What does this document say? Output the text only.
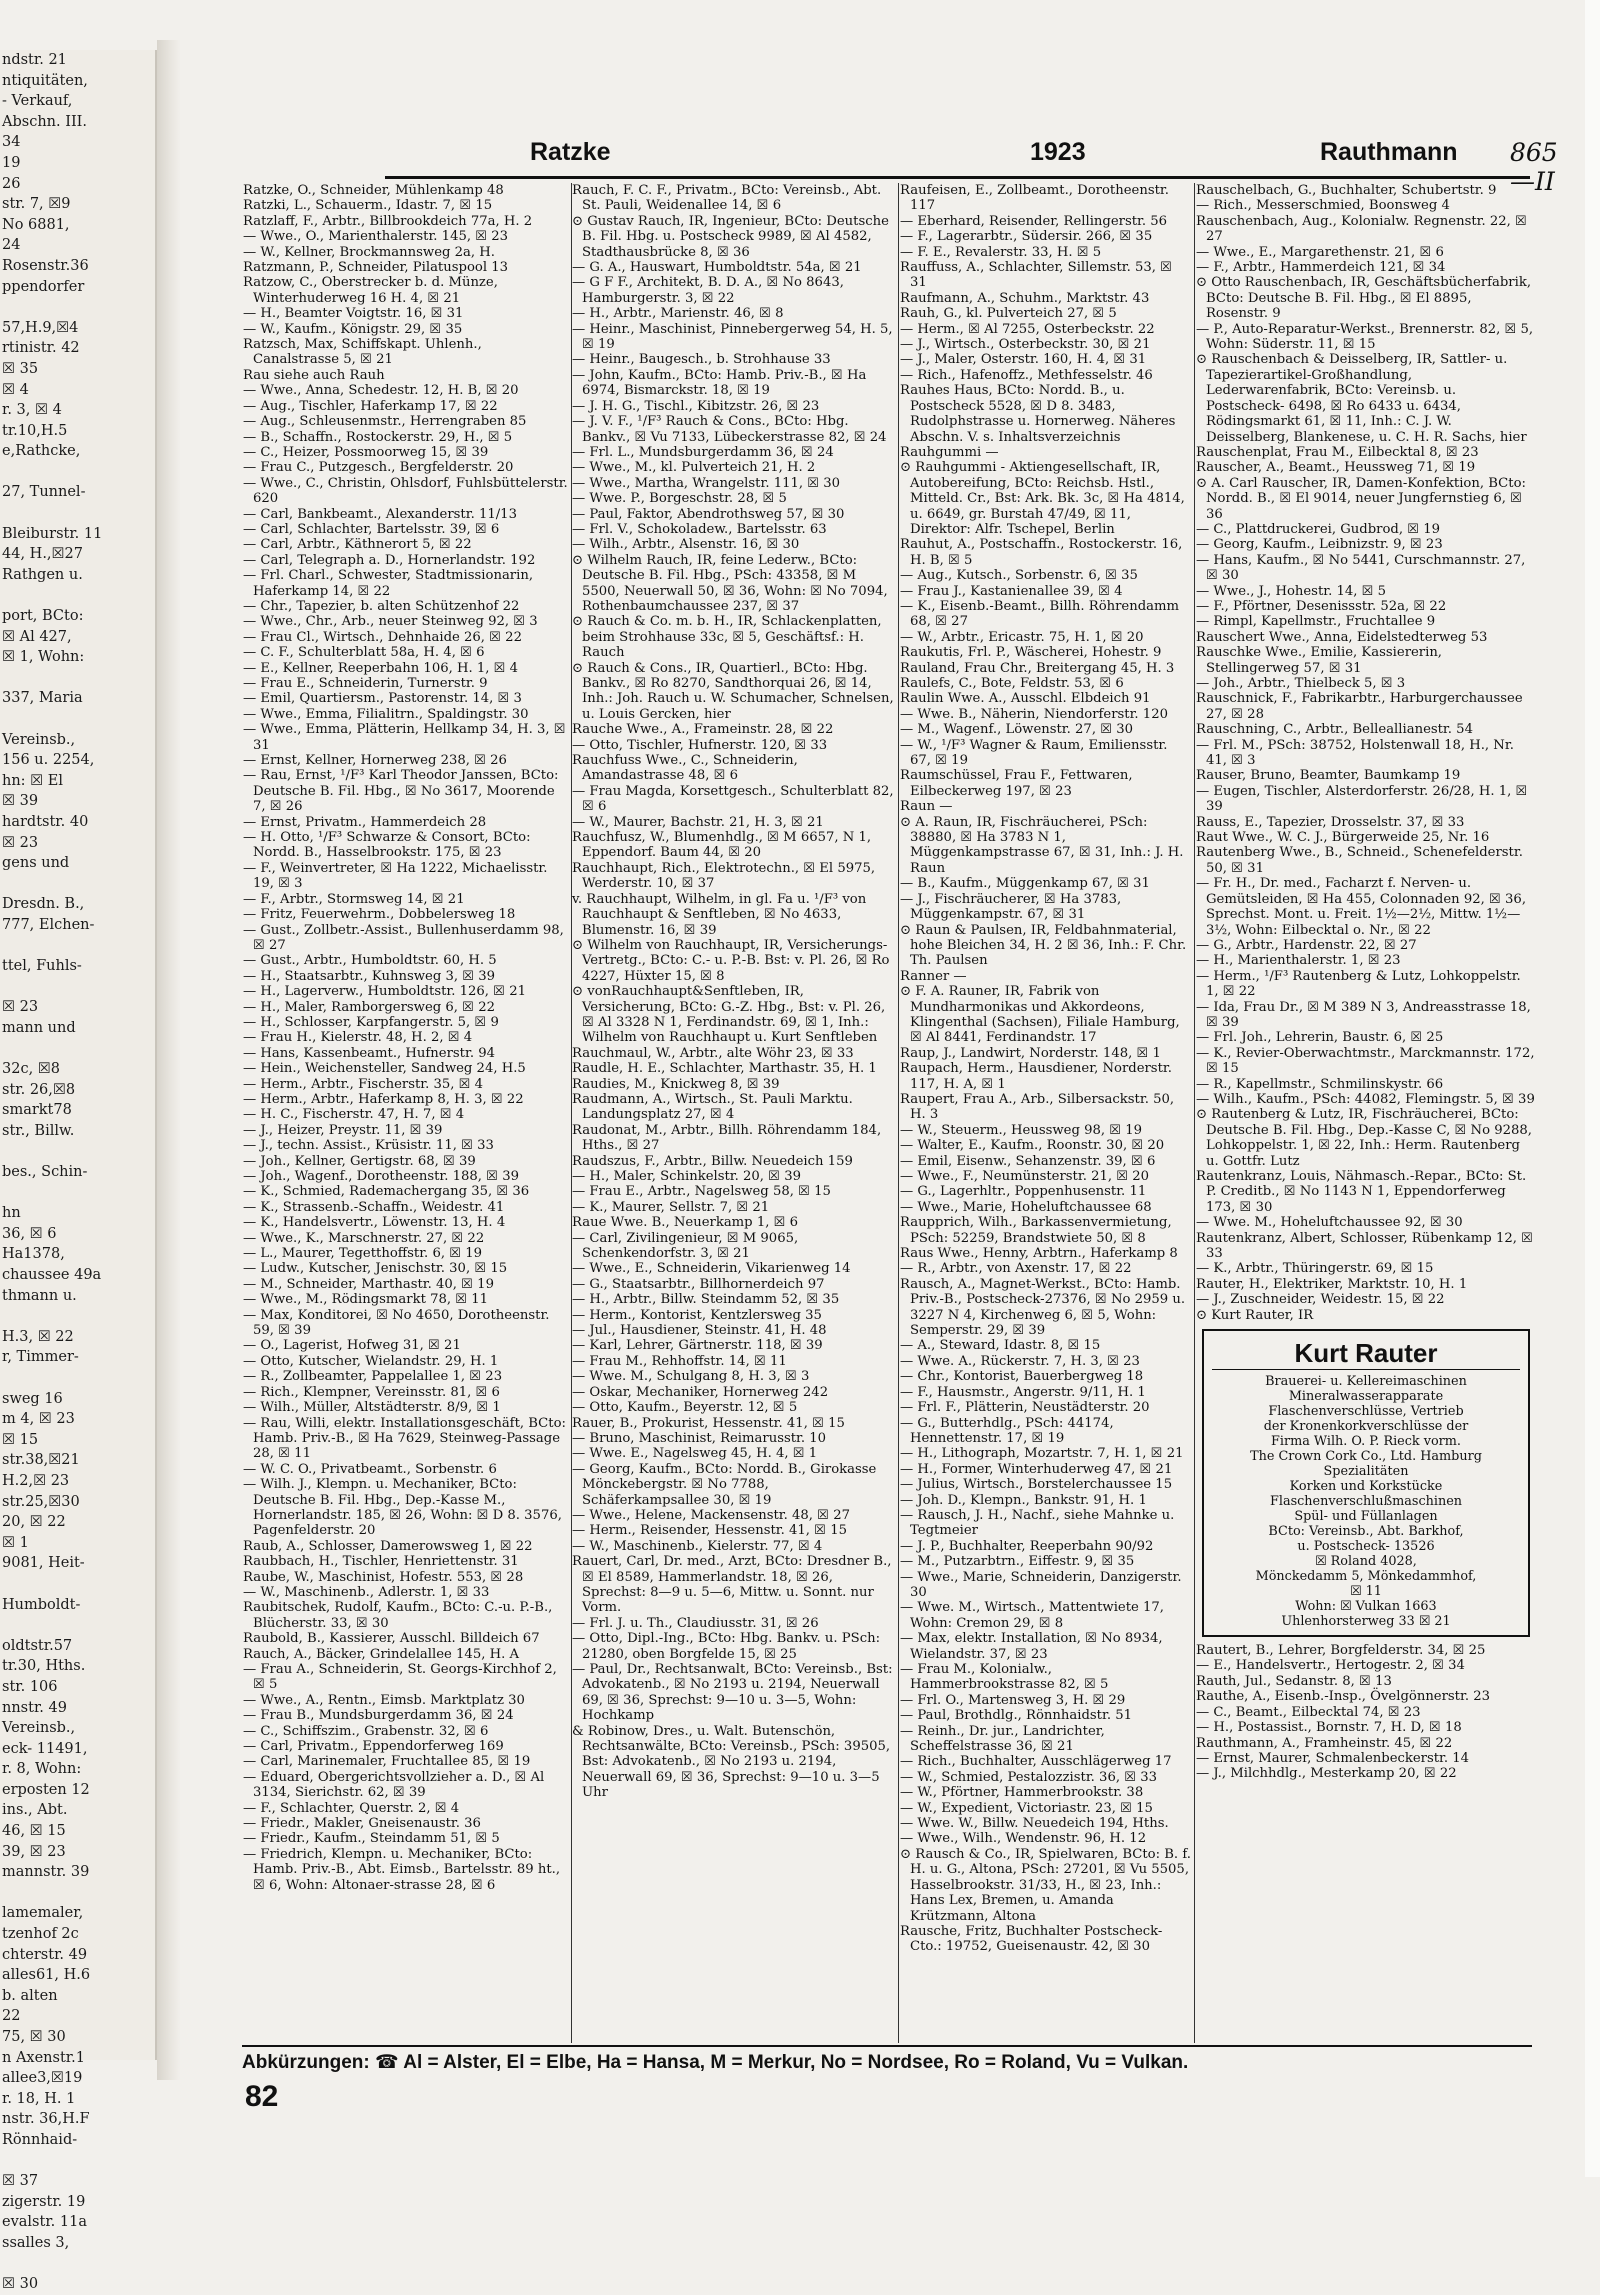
ndstr. 21
ntiquitäten,
- Verkauf,
Abschn. III.
34
19
26
str. 7, ☒9
No 6881,
24
Rosenstr.36
ppendorfer
57,H.9,☒4
rtinistr. 42
☒ 35
☒ 4
r. 3, ☒ 4
tr.10,H.5
e,Rathcke,
27, Tunnel-
Bleiburstr. 11
44, H.,☒27
Rathgen u.
port, BCto:
☒ Al 427,
☒ 1, Wohn:
337, Maria
Vereinsb.,
156 u. 2254,
hn: ☒ El
☒ 39
hardtstr. 40
☒ 23
gens und
Dresdn. B.,
777, Elchen-
ttel, Fuhls-
☒ 23
mann und
32c, ☒8
str. 26,☒8
smarkt78
str., Billw.
bes., Schin-
hn
36, ☒ 6
Ha1378,
chaussee 49a
thmann u.
H.3, ☒ 22
r, Timmer-
sweg 16
m 4, ☒ 23
☒ 15
str.38,☒21
H.2,☒ 23
str.25,☒30
20, ☒ 22
☒ 1
9081, Heit-
Humboldt-
oldtstr.57
tr.30, Hths.
str. 106
nnstr. 49
Vereinsb.,
eck- 11491,
r. 8, Wohn:
erposten 12
ins., Abt.
46, ☒ 15
39, ☒ 23
mannstr. 39
lamemaler,
tzenhof 2c
chterstr. 49
alles61, H.6
b. alten
22
75, ☒ 30
n Axenstr.1
allee3,☒19
r. 18, H. 1
nstr. 36,H.F
Rönnhaid-
☒ 37
zigerstr. 19
evalstr. 11a
ssalles 3,
☒ 30
Ratzke	1923	Rauthmann 865—II

Ratzke, O., Schneider, Mühlenkamp 48

Ratzki, L., Schauerm., Idastr. 7, ☒ 15

Ratzlaff, F., Arbtr., Billbrookdeich 77a, H. 2

— Wwe., O., Marienthalerstr. 145, ☒ 23

— W., Kellner, Brockmannsweg 2a, H.

Ratzmann, P., Schneider, Pilatuspool 13

Ratzow, C., Oberstrecker b. d. Münze, Winterhuderweg 16 H. 4, ☒ 21

— H., Beamter Voigtstr. 16, ☒ 31

— W., Kaufm., Königstr. 29, ☒ 35

Ratzsch, Max, Schiffskapt. Uhlenh., Canalstrasse 5, ☒ 21

Rau siehe auch Rauh

— Wwe., Anna, Schedestr. 12, H. B, ☒ 20

— Aug., Tischler, Haferkamp 17, ☒ 22

— Aug., Schleusenmstr., Herrengraben 85

— B., Schaffn., Rostockerstr. 29, H., ☒ 5

— C., Heizer, Possmoorweg 15, ☒ 39

— Frau C., Putzgesch., Bergfelderstr. 20

— Wwe., C., Christin, Ohlsdorf, Fuhlsbüttelerstr. 620

— Carl, Bankbeamt., Alexanderstr. 11/13

— Carl, Schlachter, Bartelsstr. 39, ☒ 6

— Carl, Arbtr., Käthnerort 5, ☒ 22

— Carl, Telegraph a. D., Hornerlandstr. 192

— Frl. Charl., Schwester, Stadtmissionarin, Haferkamp 14, ☒ 22

— Chr., Tapezier, b. alten Schützenhof 22

— Wwe., Chr., Arb., neuer Steinweg 92, ☒ 3

— Frau Cl., Wirtsch., Dehnhaide 26, ☒ 22

— C. F., Schulterblatt 58a, H. 4, ☒ 6

— E., Kellner, Reeperbahn 106, H. 1, ☒ 4

— Frau E., Schneiderin, Turnerstr. 9

— Emil, Quartiersm., Pastorenstr. 14, ☒ 3

— Wwe., Emma, Filialitrn., Spaldingstr. 30

— Wwe., Emma, Plätterin, Hellkamp 34, H. 3, ☒ 31

— Ernst, Kellner, Hornerweg 238, ☒ 26

— Rau, Ernst, ¹/F³ Karl Theodor Janssen, BCto: Deutsche B. Fil. Hbg., ☒ No 3617, Moorende 7, ☒ 26

— Ernst, Privatm., Hammerdeich 28

— H. Otto, ¹/F³ Schwarze & Consort, BCto: Nordd. B., Hasselbrookstr. 175, ☒ 23

— F., Weinvertreter, ☒ Ha 1222, Michaelisstr. 19, ☒ 3

— F., Arbtr., Stormsweg 14, ☒ 21

— Fritz, Feuerwehrm., Dobbelersweg 18

— Gust., Zollbetr.-Assist., Bullenhuserdamm 98, ☒ 27

— Gust., Arbtr., Humboldtstr. 60, H. 5

— H., Staatsarbtr., Kuhnsweg 3, ☒ 39

— H., Lagerverw., Humboldtstr. 126, ☒ 21

— H., Maler, Ramborgersweg 6, ☒ 22

— H., Schlosser, Karpfangerstr. 5, ☒ 9

— Frau H., Kielerstr. 48, H. 2, ☒ 4

— Hans, Kassenbeamt., Hufnerstr. 94

— Hein., Weichensteller, Sandweg 24, H.5

— Herm., Arbtr., Fischerstr. 35, ☒ 4

— Herm., Arbtr., Haferkamp 8, H. 3, ☒ 22

— H. C., Fischerstr. 47, H. 7, ☒ 4

— J., Heizer, Preystr. 11, ☒ 39

— J., techn. Assist., Krüsistr. 11, ☒ 33

— Joh., Kellner, Gertigstr. 68, ☒ 39

— Joh., Wagenf., Dorotheenstr. 188, ☒ 39

— K., Schmied, Rademachergang 35, ☒ 36

— K., Strassenb.-Schaffn., Weidestr. 41

— K., Handelsvertr., Löwenstr. 13, H. 4

— Wwe., K., Marschnerstr. 27, ☒ 22

— L., Maurer, Tegetthoffstr. 6, ☒ 19

— Ludw., Kutscher, Jenischstr. 30, ☒ 15

— M., Schneider, Marthastr. 40, ☒ 19

— Wwe., M., Rödingsmarkt 78, ☒ 11

— Max, Konditorei, ☒ No 4650, Dorotheenstr. 59, ☒ 39

— O., Lagerist, Hofweg 31, ☒ 21

— Otto, Kutscher, Wielandstr. 29, H. 1

— R., Zollbeamter, Pappelallee 1, ☒ 23

— Rich., Klempner, Vereinsstr. 81, ☒ 6

— Wilh., Müller, Altstädterstr. 8/9, ☒ 1

— Rau, Willi, elektr. Installationsgeschäft, BCto: Hamb. Priv.-B., ☒ Ha 7629, Steinweg-Passage 28, ☒ 11

— W. C. O., Privatbeamt., Sorbenstr. 6

— Wilh. J., Klempn. u. Mechaniker, BCto: Deutsche B. Fil. Hbg., Dep.-Kasse M., Hornerlandstr. 185, ☒ 26, Wohn: ☒ D 8. 3576, Pagenfelderstr. 20

Raub, A., Schlosser, Damerowsweg 1, ☒ 22

Raubbach, H., Tischler, Henriettenstr. 31

Raube, W., Maschinist, Hofestr. 553, ☒ 28

— W., Maschinenb., Adlerstr. 1, ☒ 33

Raubitschek, Rudolf, Kaufm., BCto: C.-u. P.-B., Blücherstr. 33, ☒ 30

Raubold, B., Kassierer, Ausschl. Billdeich 67

Rauch, A., Bäcker, Grindelallee 145, H. A

— Frau A., Schneiderin, St. Georgs-Kirchhof 2, ☒ 5

— Wwe., A., Rentn., Eimsb. Marktplatz 30

— Frau B., Mundsburgerdamm 36, ☒ 24

— C., Schiffszim., Grabenstr. 32, ☒ 6

— Carl, Privatm., Eppendorferweg 169

— Carl, Marinemaler, Fruchtallee 85, ☒ 19

— Eduard, Obergerichtsvollzieher a. D., ☒ Al 3134, Sierichstr. 62, ☒ 39

— F., Schlachter, Querstr. 2, ☒ 4

— Friedr., Makler, Gneisenaustr. 36

— Friedr., Kaufm., Steindamm 51, ☒ 5

— Friedrich, Klempn. u. Mechaniker, BCto: Hamb. Priv.-B., Abt. Eimsb., Bartelsstr. 89 ht., ☒ 6, Wohn: Altonaer-strasse 28, ☒ 6

Rauch, F. C. F., Privatm., BCto: Vereinsb., Abt. St. Pauli, Weidenallee 14, ☒ 6

⊙ Gustav Rauch, IR, Ingenieur, BCto: Deutsche B. Fil. Hbg. u. Postscheck 9989, ☒ Al 4582, Stadthausbrücke 8, ☒ 36

— G. A., Hauswart, Humboldtstr. 54a, ☒ 21

— G F F., Architekt, B. D. A., ☒ No 8643, Hamburgerstr. 3, ☒ 22

— H., Arbtr., Marienstr. 46, ☒ 8

— Heinr., Maschinist, Pinnebergerweg 54, H. 5, ☒ 19

— Heinr., Baugesch., b. Strohhause 33

— John, Kaufm., BCto: Hamb. Priv.-B., ☒ Ha 6974, Bismarckstr. 18, ☒ 19

— J. H. G., Tischl., Kibitzstr. 26, ☒ 23

— J. V. F., ¹/F³ Rauch & Cons., BCto: Hbg. Bankv., ☒ Vu 7133, Lübeckerstrasse 82, ☒ 24

— Frl. L., Mundsburgerdamm 36, ☒ 24

— Wwe., M., kl. Pulverteich 21, H. 2

— Wwe., Martha, Wrangelstr. 111, ☒ 30

— Wwe. P., Borgeschstr. 28, ☒ 5

— Paul, Faktor, Abendrothsweg 57, ☒ 30

— Frl. V., Schokoladew., Bartelsstr. 63

— Wilh., Arbtr., Alsenstr. 16, ☒ 30

⊙ Wilhelm Rauch, IR, feine Lederw., BCto: Deutsche B. Fil. Hbg., PSch: 43358, ☒ M 5500, Neuerwall 50, ☒ 36, Wohn: ☒ No 7094, Rothenbaumchaussee 237, ☒ 37

⊙ Rauch & Co. m. b. H., IR, Schlackenplatten, beim Strohhause 33c, ☒ 5, Geschäftsf.: H. Rauch

⊙ Rauch & Cons., IR, Quartierl., BCto: Hbg. Bankv., ☒ Ro 8270, Sandthorquai 26, ☒ 14, Inh.: Joh. Rauch u. W. Schumacher, Schnelsen, u. Louis Gercken, hier

Rauche Wwe., A., Frameinstr. 28, ☒ 22

— Otto, Tischler, Hufnerstr. 120, ☒ 33

Rauchfuss Wwe., C., Schneiderin, Amandastrasse 48, ☒ 6

— Frau Magda, Korsettgesch., Schulterblatt 82, ☒ 6

— W., Maurer, Bachstr. 21, H. 3, ☒ 21

Rauchfusz, W., Blumenhdlg., ☒ M 6657, N 1, Eppendorf. Baum 44, ☒ 20

Rauchhaupt, Rich., Elektrotechn., ☒ El 5975, Werderstr. 10, ☒ 37

v. Rauchhaupt, Wilhelm, in gl. Fa u. ¹/F³ von Rauchhaupt & Senftleben, ☒ No 4633, Blumenstr. 16, ☒ 39

⊙ Wilhelm von Rauchhaupt, IR, Versicherungs-Vertretg., BCto: C.- u. P.-B. Bst: v. Pl. 26, ☒ Ro 4227, Hüxter 15, ☒ 8

⊙ vonRauchhaupt&Senftleben, IR, Versicherung, BCto: G.-Z. Hbg., Bst: v. Pl. 26, ☒ Al 3328 N 1, Ferdinandstr. 69, ☒ 1, Inh.: Wilhelm von Rauchhaupt u. Kurt Senftleben

Rauchmaul, W., Arbtr., alte Wöhr 23, ☒ 33

Raudle, H. E., Schlachter, Marthastr. 35, H. 1

Raudies, M., Knickweg 8, ☒ 39

Raudmann, A., Wirtsch., St. Pauli Marktu. Landungsplatz 27, ☒ 4

Raudonat, M., Arbtr., Billh. Röhrendamm 184, Hths., ☒ 27

Raudszus, F., Arbtr., Billw. Neuedeich 159

— H., Maler, Schinkelstr. 20, ☒ 39

— Frau E., Arbtr., Nagelsweg 58, ☒ 15

— K., Maurer, Sellstr. 7, ☒ 21

Raue Wwe. B., Neuerkamp 1, ☒ 6

— Carl, Zivilingenieur, ☒ M 9065, Schenkendorfstr. 3, ☒ 21

— Wwe., E., Schneiderin, Vikarienweg 14

— G., Staatsarbtr., Billhornerdeich 97

— H., Arbtr., Billw. Steindamm 52, ☒ 35

— Herm., Kontorist, Kentzlersweg 35

— Jul., Hausdiener, Steinstr. 41, H. 48

— Karl, Lehrer, Gärtnerstr. 118, ☒ 39

— Frau M., Rehhoffstr. 14, ☒ 11

— Wwe. M., Schulgang 8, H. 3, ☒ 3

— Oskar, Mechaniker, Hornerweg 242

— Otto, Kaufm., Beyerstr. 12, ☒ 5

Rauer, B., Prokurist, Hessenstr. 41, ☒ 15

— Bruno, Maschinist, Reimarusstr. 10

— Wwe. E., Nagelsweg 45, H. 4, ☒ 1

— Georg, Kaufm., BCto: Nordd. B., Girokasse Mönckebergstr. ☒ No 7788, Schäferkampsallee 30, ☒ 19

— Wwe., Helene, Mackensenstr. 48, ☒ 27

— Herm., Reisender, Hessenstr. 41, ☒ 15

— W., Maschinenb., Kielerstr. 77, ☒ 4

Rauert, Carl, Dr. med., Arzt, BCto: Dresdner B., ☒ El 8589, Hammerlandstr. 18, ☒ 26, Sprechst: 8—9 u. 5—6, Mittw. u. Sonnt. nur Vorm.

— Frl. J. u. Th., Claudiusstr. 31, ☒ 26

— Otto, Dipl.-Ing., BCto: Hbg. Bankv. u. PSch: 21280, oben Borgfelde 15, ☒ 25

— Paul, Dr., Rechtsanwalt, BCto: Vereinsb., Bst: Advokatenb., ☒ No 2193 u. 2194, Neuerwall 69, ☒ 36, Sprechst: 9—10 u. 3—5, Wohn: Hochkamp

& Robinow, Dres., u. Walt. Butenschön, Rechtsanwälte, BCto: Vereinsb., PSch: 39505, Bst: Advokatenb., ☒ No 2193 u. 2194, Neuerwall 69, ☒ 36, Sprechst: 9—10 u. 3—5 Uhr

Raufeisen, E., Zollbeamt., Dorotheenstr. 117

— Eberhard, Reisender, Rellingerstr. 56

— F., Lagerarbtr., Südersir. 266, ☒ 35

— F. E., Revalerstr. 33, H. ☒ 5

Rauffuss, A., Schlachter, Sillemstr. 53, ☒ 31

Raufmann, A., Schuhm., Marktstr. 43

Rauh, G., kl. Pulverteich 27, ☒ 5

— Herm., ☒ Al 7255, Osterbeckstr. 22

— J., Wirtsch., Osterbeckstr. 30, ☒ 21

— J., Maler, Osterstr. 160, H. 4, ☒ 31

— Rich., Hafenoffz., Methfesselstr. 46

Rauhes Haus, BCto: Nordd. B., u. Postscheck 5528, ☒ D 8. 3483, Rudolphstrasse u. Hornerweg. Näheres Abschn. V. s. Inhaltsverzeichnis

Rauhgummi —

⊙ Rauhgummi - Aktiengesellschaft, IR, Autobereifung, BCto: Reichsb. Hstl., Mitteld. Cr., Bst: Ark. Bk. 3c, ☒ Ha 4814, u. 6649, gr. Burstah 47/49, ☒ 11, Direktor: Alfr. Tschepel, Berlin

Rauhut, A., Postschaffn., Rostockerstr. 16, H. B, ☒ 5

— Aug., Kutsch., Sorbenstr. 6, ☒ 35

— Frau J., Kastanienallee 39, ☒ 4

— K., Eisenb.-Beamt., Billh. Röhrendamm 68, ☒ 27

— W., Arbtr., Ericastr. 75, H. 1, ☒ 20

Raukutis, Frl. P., Wäscherei, Hohestr. 9

Rauland, Frau Chr., Breitergang 45, H. 3

Raulefs, C., Bote, Feldstr. 53, ☒ 6

Raulin Wwe. A., Ausschl. Elbdeich 91

— Wwe. B., Näherin, Niendorferstr. 120

— M., Wagenf., Löwenstr. 27, ☒ 30

— W., ¹/F³ Wagner & Raum, Emiliensstr. 67, ☒ 19

Raumschüssel, Frau F., Fettwaren, Eilbeckerweg 197, ☒ 23

Raun —

⊙ A. Raun, IR, Fischräucherei, PSch: 38880, ☒ Ha 3783 N 1, Müggenkampstrasse 67, ☒ 31, Inh.: J. H. Raun

— B., Kaufm., Müggenkamp 67, ☒ 31

— J., Fischräucherer, ☒ Ha 3783, Müggenkampstr. 67, ☒ 31

⊙ Raun & Paulsen, IR, Feldbahnmaterial, hohe Bleichen 34, H. 2 ☒ 36, Inh.: F. Chr. Th. Paulsen

Ranner —

⊙ F. A. Rauner, IR, Fabrik von Mundharmonikas und Akkordeons, Klingenthal (Sachsen), Filiale Hamburg, ☒ Al 8441, Ferdinandstr. 17

Raup, J., Landwirt, Norderstr. 148, ☒ 1

Raupach, Herm., Hausdiener, Norderstr. 117, H. A, ☒ 1

Raupert, Frau A., Arb., Silbersackstr. 50, H. 3

— W., Steuerm., Heussweg 98, ☒ 19

— Walter, E., Kaufm., Roonstr. 30, ☒ 20

— Emil, Eisenw., Sehanzenstr. 39, ☒ 6

— Wwe., F., Neumünsterstr. 21, ☒ 20

— G., Lagerhltr., Poppenhusenstr. 11

— Wwe., Marie, Hoheluftchaussee 68

Raupprich, Wilh., Barkassenvermietung, PSch: 52259, Brandstwiete 50, ☒ 8

Raus Wwe., Henny, Arbtrn., Haferkamp 8

— R., Arbtr., von Axenstr. 17, ☒ 22

Rausch, A., Magnet-Werkst., BCto: Hamb. Priv.-B., Postscheck-27376, ☒ No 2959 u. 3227 N 4, Kirchenweg 6, ☒ 5, Wohn: Semperstr. 29, ☒ 39

— A., Steward, Idastr. 8, ☒ 15

— Wwe. A., Rückerstr. 7, H. 3, ☒ 23

— Chr., Kontorist, Bauerbergweg 18

— F., Hausmstr., Angerstr. 9/11, H. 1

— Frl. F., Plätterin, Neustädterstr. 20

— G., Butterhdlg., PSch: 44174, Hennettenstr. 17, ☒ 19

— H., Lithograph, Mozartstr. 7, H. 1, ☒ 21

— H., Former, Winterhuderweg 47, ☒ 21

— Julius, Wirtsch., Borstelerchaussee 15

— Joh. D., Klempn., Bankstr. 91, H. 1

— Rausch, J. H., Nachf., siehe Mahnke u. Tegtmeier

— J. P., Buchhalter, Reeperbahn 90/92

— M., Putzarbtrn., Eiffestr. 9, ☒ 35

— Wwe., Marie, Schneiderin, Danzigerstr. 30

— Wwe. M., Wirtsch., Mattentwiete 17, Wohn: Cremon 29, ☒ 8

— Max, elektr. Installation, ☒ No 8934, Wielandstr. 37, ☒ 23

— Frau M., Kolonialw., Hammerbrookstrasse 82, ☒ 5

— Frl. O., Martensweg 3, H. ☒ 29

— Paul, Brothdlg., Rönnhaidstr. 51

— Reinh., Dr. jur., Landrichter, Scheffelstrasse 36, ☒ 21

— Rich., Buchhalter, Ausschlägerweg 17

— W., Schmied, Pestalozzistr. 36, ☒ 33

— W., Pförtner, Hammerbrookstr. 38

— W., Expedient, Victoriastr. 23, ☒ 15

— Wwe. W., Billw. Neuedeich 194, Hths.

— Wwe., Wilh., Wendenstr. 96, H. 12

⊙ Rausch & Co., IR, Spielwaren, BCto: B. f. H. u. G., Altona, PSch: 27201, ☒ Vu 5505, Hasselbrookstr. 31/33, H., ☒ 23, Inh.: Hans Lex, Bremen, u. Amanda Krützmann, Altona

Rausche, Fritz, Buchhalter Postscheck-Cto.: 19752, Gueisenaustr. 42, ☒ 30

Rauschelbach, G., Buchhalter, Schubertstr. 9

— Rich., Messerschmied, Boonsweg 4

Rauschenbach, Aug., Kolonialw. Regnenstr. 22, ☒ 27

— Wwe., E., Margarethenstr. 21, ☒ 6

— F., Arbtr., Hammerdeich 121, ☒ 34

⊙ Otto Rauschenbach, IR, Geschäftsbücherfabrik, BCto: Deutsche B. Fil. Hbg., ☒ El 8895, Rosenstr. 9

— P., Auto-Reparatur-Werkst., Brennerstr. 82, ☒ 5, Wohn: Süderstr. 11, ☒ 15

⊙ Rauschenbach & Deisselberg, IR, Sattler- u. Tapezierartikel-Großhandlung, Lederwarenfabrik, BCto: Vereinsb. u. Postscheck- 6498, ☒ Ro 6433 u. 6434, Rödingsmarkt 61, ☒ 11, Inh.: C. J. W. Deisselberg, Blankenese, u. C. H. R. Sachs, hier

Rauschenplat, Frau M., Eilbecktal 8, ☒ 23

Rauscher, A., Beamt., Heussweg 71, ☒ 19

⊙ A. Carl Rauscher, IR, Damen-Konfektion, BCto: Nordd. B., ☒ El 9014, neuer Jungfernstieg 6, ☒ 36

— C., Plattdruckerei, Gudbrod, ☒ 19

— Georg, Kaufm., Leibnizstr. 9, ☒ 23

— Hans, Kaufm., ☒ No 5441, Curschmannstr. 27, ☒ 30

— Wwe., J., Hohestr. 14, ☒ 5

— F., Pförtner, Desenissstr. 52a, ☒ 22

— Rimpl, Kapellmstr., Fruchtallee 9

Rauschert Wwe., Anna, Eidelstedterweg 53

Rauschke Wwe., Emilie, Kassiererin, Stellingerweg 57, ☒ 31

— Joh., Arbtr., Thielbeck 5, ☒ 3

Rauschnick, F., Fabrikarbtr., Harburgerchaussee 27, ☒ 28

Rauschning, C., Arbtr., Belleallianestr. 54

— Frl. M., PSch: 38752, Holstenwall 18, H., Nr. 41, ☒ 3

Rauser, Bruno, Beamter, Baumkamp 19

— Eugen, Tischler, Alsterdorferstr. 26/28, H. 1, ☒ 39

Rauss, E., Tapezier, Drosselstr. 37, ☒ 33

Raut Wwe., W. C. J., Bürgerweide 25, Nr. 16

Rautenberg Wwe., B., Schneid., Schenefelderstr. 50, ☒ 31

— Fr. H., Dr. med., Facharzt f. Nerven- u. Gemütsleiden, ☒ Ha 455, Colonnaden 92, ☒ 36, Sprechst. Mont. u. Freit. 1½—2½, Mittw. 1½—3½, Wohn: Eilbecktal o. Nr., ☒ 22

— G., Arbtr., Hardenstr. 22, ☒ 27

— H., Marienthalerstr. 1, ☒ 23

— Herm., ¹/F³ Rautenberg & Lutz, Lohkoppelstr. 1, ☒ 22

— Ida, Frau Dr., ☒ M 389 N 3, Andreasstrasse 18, ☒ 39

— Frl. Joh., Lehrerin, Baustr. 6, ☒ 25

— K., Revier-Oberwachtmstr., Marckmannstr. 172, ☒ 15

— R., Kapellmstr., Schmilinskystr. 66

— Wilh., Kaufm., PSch: 44082, Flemingstr. 5, ☒ 39

⊙ Rautenberg & Lutz, IR, Fischräucherei, BCto: Deutsche B. Fil. Hbg., Dep.-Kasse C, ☒ No 9288, Lohkoppelstr. 1, ☒ 22, Inh.: Herm. Rautenberg u. Gottfr. Lutz

Rautenkranz, Louis, Nähmasch.-Repar., BCto: St. P. Creditb., ☒ No 1143 N 1, Eppendorferweg 173, ☒ 30

— Wwe. M., Hoheluftchaussee 92, ☒ 30

Rautenkranz, Albert, Schlosser, Rübenkamp 12, ☒ 33

— K., Arbtr., Thüringerstr. 69, ☒ 15

Rauter, H., Elektriker, Marktstr. 10, H. 1

— J., Zuschneider, Weidestr. 15, ☒ 22

⊙ Kurt Rauter, IR

Kurt Rauter
Brauerei- u. Kellereimaschinen
Mineralwasserapparate
Flaschenverschlüsse, Vertrieb
der Kronenkorkverschlüsse der
Firma Wilh. O. P. Rieck vorm.
The Crown Cork Co., Ltd. Hamburg
Spezialitäten
Korken und Korkstücke
Flaschenverschlußmaschinen
Spül- und Füllanlagen
BCto: Vereinsb., Abt. Barkhof,
u. Postscheck- 13526
☒ Roland 4028,
Mönckedamm 5, Mönkedammhof,
☒ 11
Wohn: ☒ Vulkan 1663
Uhlenhorsterweg 33 ☒ 21

Rautert, B., Lehrer, Borgfelderstr. 34, ☒ 25

— E., Handelsvertr., Hertogestr. 2, ☒ 34

Rauth, Jul., Sedanstr. 8, ☒ 13

Rauthe, A., Eisenb.-Insp., Övelgönnerstr. 23

— C., Beamt., Eilbecktal 74, ☒ 23

— H., Postassist., Bornstr. 7, H. D, ☒ 18

Rauthmann, A., Framheinstr. 45, ☒ 22

— Ernst, Maurer, Schmalenbeckerstr. 14

— J., Milchhdlg., Mesterkamp 20, ☒ 22

Abkürzungen: ☎ Al = Alster, El = Elbe, Ha = Hansa, M = Merkur, No = Nordsee, Ro = Roland, Vu = Vulkan.
82
